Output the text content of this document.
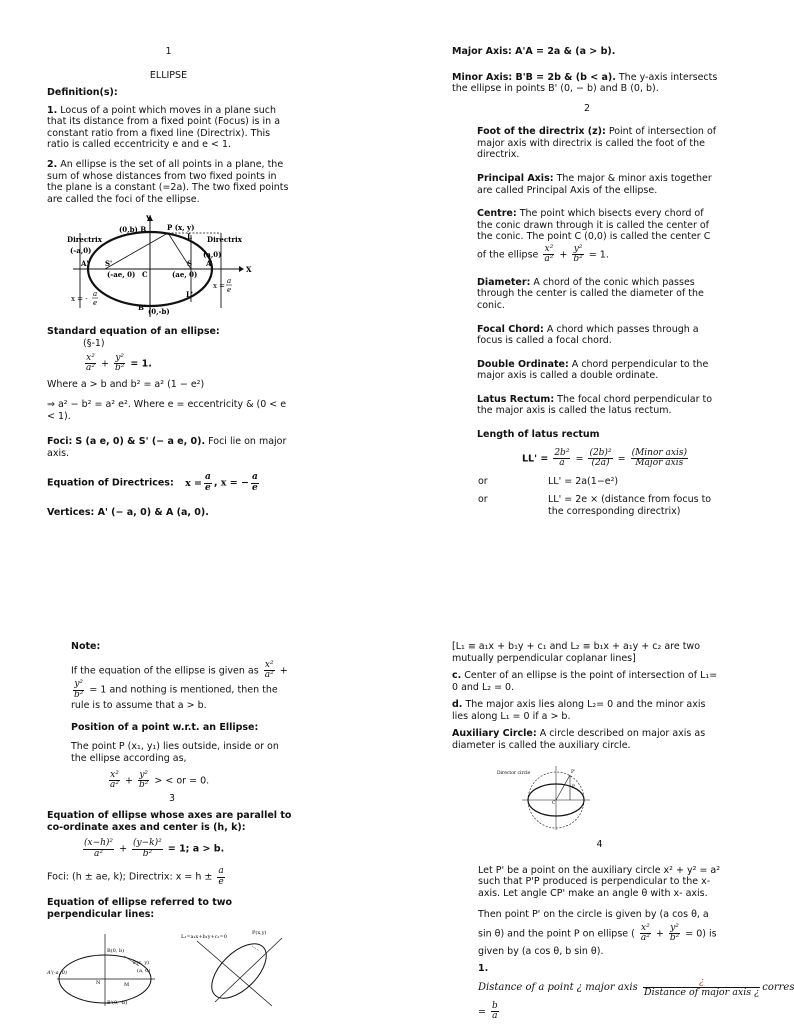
1
ELLIPSE
Definition(s):

1. Locus of a point which moves in a plane such that its distance from a fixed point (Focus) is in a constant ratio from a fixed line (Directrix). This ratio is called eccentricity e and e < 1.

2. An ellipse is the set of all points in a plane, the sum of whose distances from two fixed points in the plane is a constant (=2a). The two fixed points are called the foci of the ellipse.

Y
(0,b) B	P (x, y)
L
Directrix	Directrix
(-a,0)
A' S'	S A
(a,0)
(-ae, 0) C	(ae, 0)
X
L'
B' (0,-b)
x = -
a
e
x =
a
e
Standard equation of an ellipse:
(§-1)
$\frac{\text{x²}}{\text{a²}} + \frac{\text{y²}}{\text{b²}} = 1$.

Where a > b and b² = a² (1 − e²)

⇒ a² − b² = a² e². Where e = eccentricity & (0 < e < 1).

Foci: S (a e, 0) & S' (− a e, 0). Foci lie on major axis.

Equation of Directrices: $x = \frac{a}{e}$ , x = − $\frac{a}{e}$
Vertices: A' (− a, 0) & A (a, 0).

Major Axis: A'A = 2a & (a > b).

Minor Axis: B'B = 2b & (b < a). The y-axis intersects the ellipse in points B' (0, − b) and B (0, b).

2

Foot of the directrix (z): Point of intersection of major axis with directrix is called the foot of the directrix.

Principal Axis: The major & minor axis together are called Principal Axis of the ellipse.

Centre: The point which bisects every chord of the conic drawn through it is called the center of the conic. The point C (0,0) is called the center C

of the ellipse $\frac{\text{x²}}{\text{a²}} + \frac{\text{y²}}{\text{b²}} = 1$.

Diameter: A chord of the conic which passes through the center is called the diameter of the conic.

Focal Chord: A chord which passes through a focus is called a focal chord.

Double Ordinate: A chord perpendicular to the major axis is called a double ordinate.

Latus Rectum: The focal chord perpendicular to the major axis is called the latus rectum.

Length of latus rectum

$LL' = \frac{\text{2b²}}{a} = \frac{\text{(2b)²}}{(2a)} = \frac{\text{(Minor axis)}}{\text{Major axis}}$
or	LL' = 2a(1−e²)
or	LL' = 2e × (distance from focus to the corresponding directrix)
Note:
If the equation of the ellipse is given as $\frac{\text{x²}}{\text{a²}}$ +
$\frac{\text{y²}}{\text{b²}} = 1$ and nothing is mentioned, then the rule is to assume that a > b.
Position of a point w.r.t. an Ellipse:
The point P (x₁, y₁) lies outside, inside or on the ellipse according as,
$\frac{\text{x²}}{\text{a²}} + \frac{\text{y²}}{\text{b²}}$ > < or = 0.
3
Equation of ellipse whose axes are parallel to co-ordinate axes and center is (h, k):
$\frac{\text{(x−h)²}}{\text{a²}} + \frac{\text{(y−k)²}}{\text{b²}} = 1$; a > b.
Foci: (h ± ae, k); Directrix: $x = h \pm \frac{a}{e}$
Equation of ellipse referred to two perpendicular lines:
A'(-a, 0)
B(0, b)
P(x, y)
(a, 0)
N	M
B'(0, -b)
L₁=a₁x+b₁y+c₁=0
P(x,y)

[L₁ ≡ a₁x + b₁y + c₁ and L₂ ≡ b₁x + a₁y + c₂ are two mutually perpendicular coplanar lines]

c. Center of an ellipse is the point of intersection of L₁= 0 and L₂ = 0.

d. The major axis lies along L₂= 0 and the minor axis lies along L₁ = 0 if a > b.

Auxiliary Circle: A circle described on major axis as diameter is called the auxiliary circle.

Director circle	P'
P
C
4

Let P' be a point on the auxiliary circle x² + y² = a² such that P'P produced is perpendicular to the x-axis. Let angle CP' make an angle θ with x- axis.

Then point P' on the circle is given by (a cos θ, a sin θ) and the point P on ellipse ( $\frac{\text{x²}}{\text{a²}} + \frac{\text{y²}}{\text{b²}} = 0$) is given by (a cos θ, b sin θ).
1.
Distance of a point ¿ major axis $\frac{¿}{\text{Distance of major axis ¿}}$ corres
= $\frac{b}{a}$
